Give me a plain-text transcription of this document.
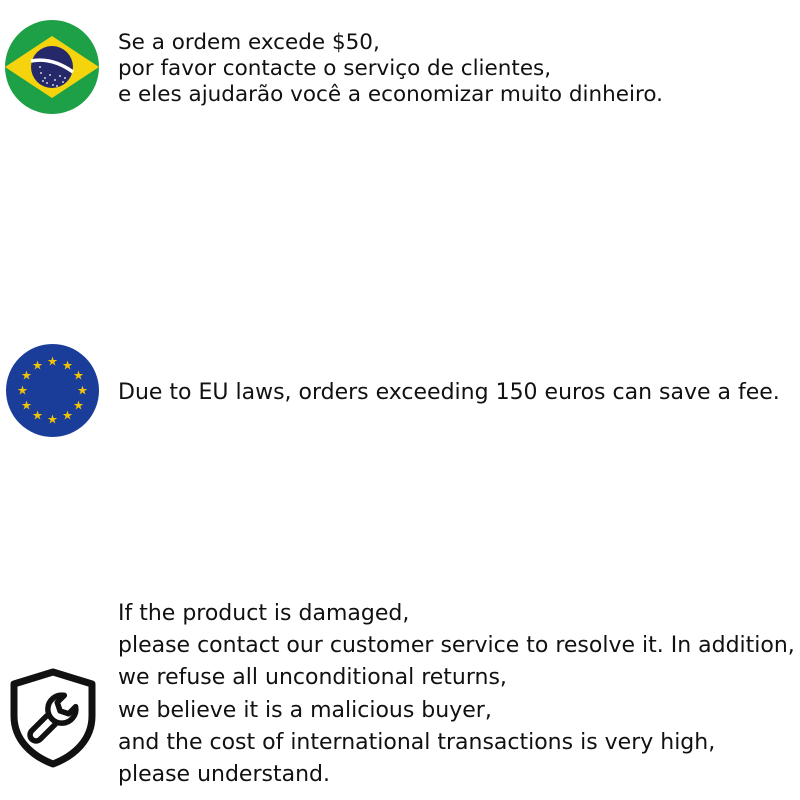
Se a ordem excede $50,
por favor contacte o serviço de clientes,
e eles ajudarão você a economizar muito dinheiro.
Due to EU laws, orders exceeding 150 euros can save a fee.
If the product is damaged,
please contact our customer service to resolve it. In addition,
we refuse all unconditional returns,
we believe it is a malicious buyer,
and the cost of international transactions is very high,
please understand.
